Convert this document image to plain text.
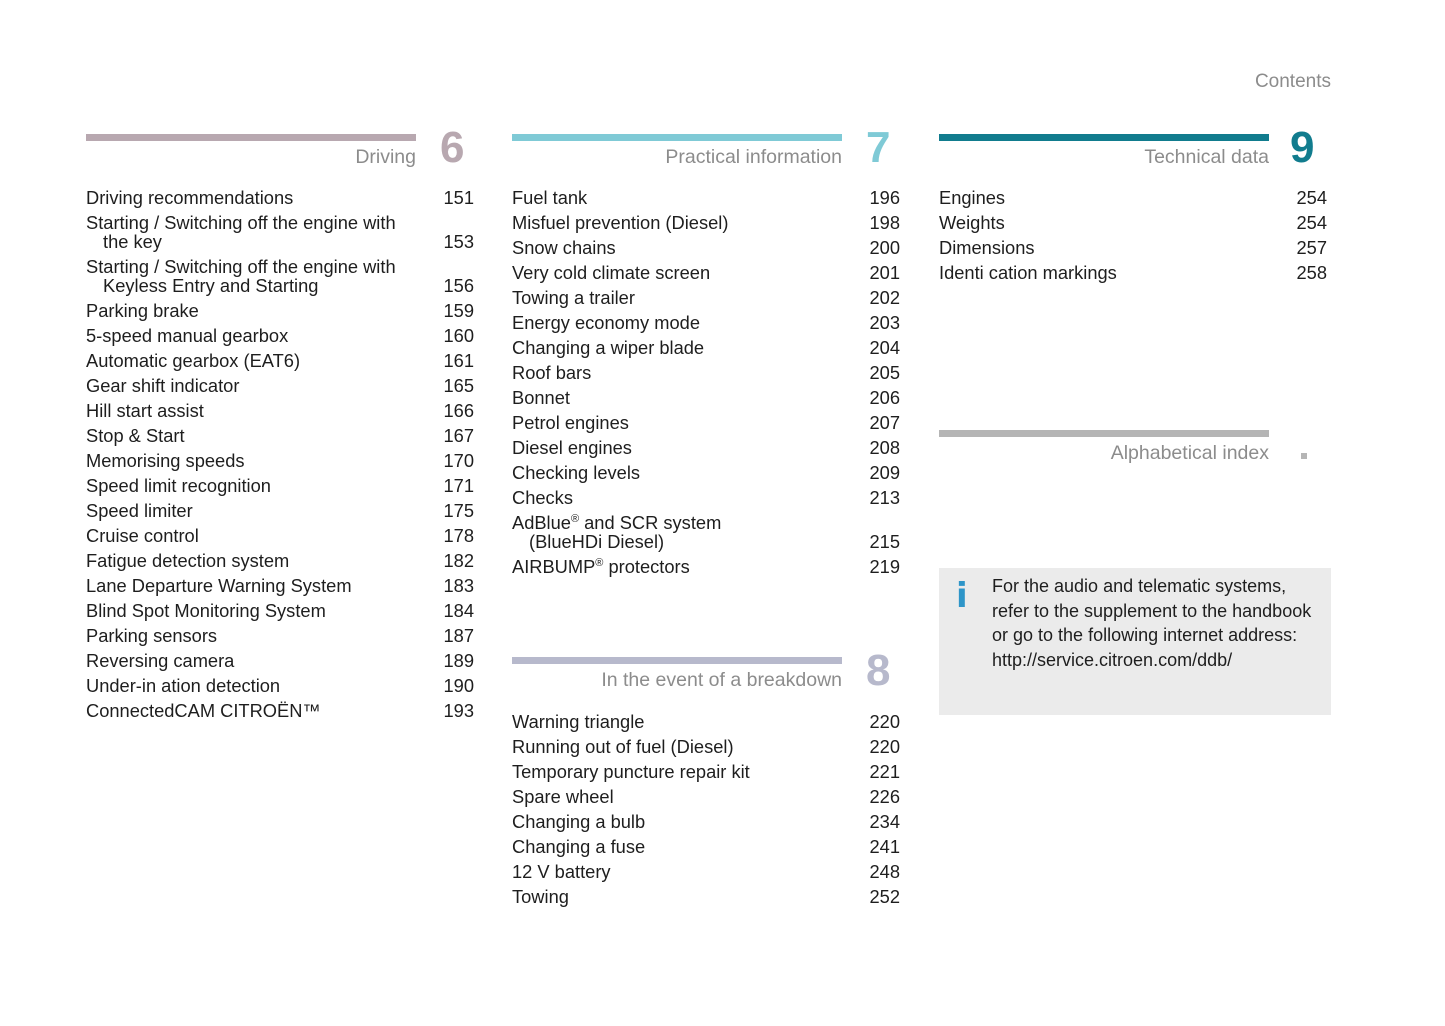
Contents
Driving 6
Driving recommendations	151
Starting / Switching off the engine with
the key	153
Starting / Switching off the engine with
Keyless Entry and Starting	156
Parking brake	159
5-speed manual gearbox	160
Automatic gearbox (EAT6)	161
Gear shift indicator	165
Hill start assist	166
Stop & Start	167
Memorising speeds	170
Speed limit recognition	171
Speed limiter	175
Cruise control	178
Fatigue detection system	182
Lane Departure Warning System	183
Blind Spot Monitoring System	184
Parking sensors	187
Reversing camera	189
Under-in ation detection	190
ConnectedCAM CITROËN™	193
Practical information 7
Fuel tank	196
Misfuel prevention (Diesel)	198
Snow chains	200
Very cold climate screen	201
Towing a trailer	202
Energy economy mode	203
Changing a wiper blade	204
Roof bars	205
Bonnet	206
Petrol engines	207
Diesel engines	208
Checking levels	209
Checks	213
AdBlue® and SCR system
(BlueHDi Diesel)	215
AIRBUMP® protectors	219
In the event of a breakdown 8
Warning triangle	220
Running out of fuel (Diesel)	220
Temporary puncture repair kit	221
Spare wheel	226
Changing a bulb	234
Changing a fuse	241
12 V battery	248
Towing	252
Technical data 9
Engines	254
Weights	254
Dimensions	257
Identi cation markings	258
Alphabetical index
i For the audio and telematic systems,
refer to the supplement to the handbook
or go to the following internet address:
http://service.citroen.com/ddb/
